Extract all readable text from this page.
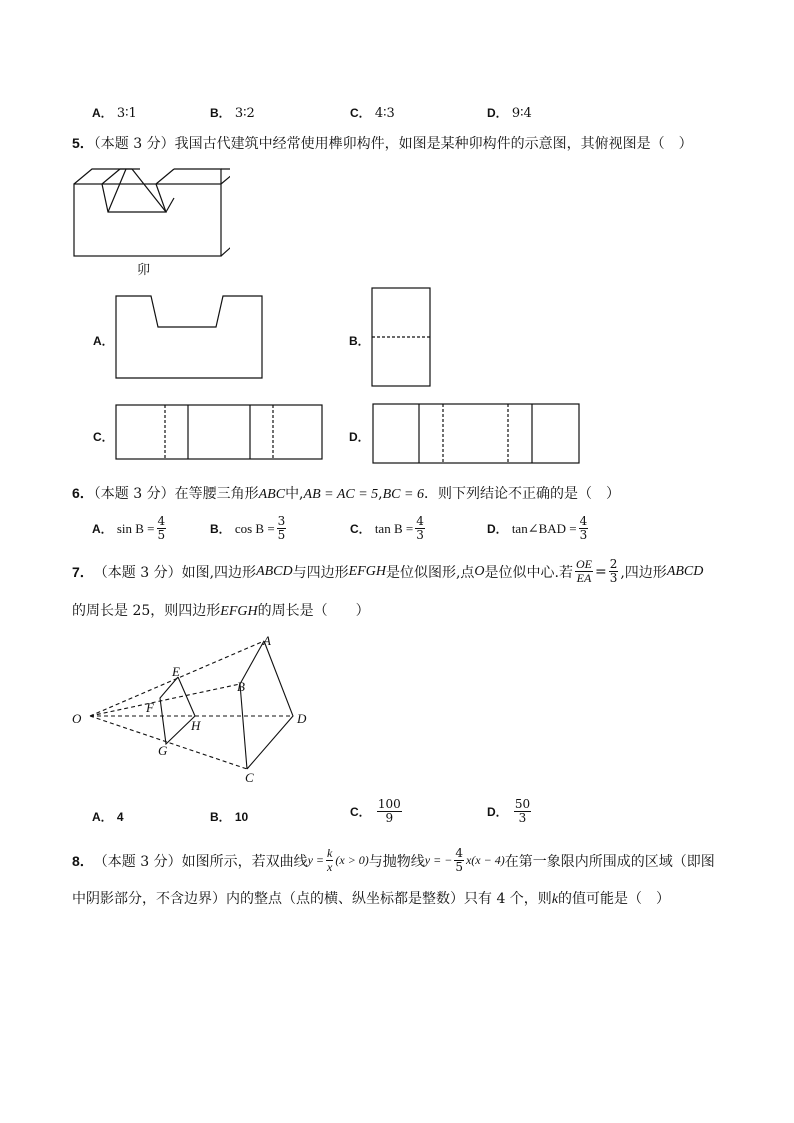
A． 3∶1	B． 3∶2	C． 4∶3	D． 9∶4
5．（本题 3 分）我国古代建筑中经常使用榫卯构件，如图是某种卯构件的示意图，其俯视图是（　）
卯
A．	B．
C．	D．
6．（本题 3 分）在等腰三角形ABC中,AB = AC = 5,BC = 6．则下列结论不正确的是（　）
A．
$\sin B = \frac{4}{5}$	B．
$\cos B = \frac{3}{5}$	C．
$\tan B = \frac{4}{3}$	D．
tan∠BAD = $\frac{4}{3}$
7． （本题 3 分） 如图,四边形 ABCD 与四边形 EFGH 是位似图形,点 O 是位似中心.若 $\frac{OE}{EA} = \frac{2}{3}$ ,四边形 ABCD
的周长是 25，则四边形EFGH的周长是（　　）
O
A
B
D
C
E
F
H
G
A． 4	B． 10	C．
$\frac{100}{9}$	D．
$\frac{50}{3}$
8． （本题 3 分） 如图所示，若双曲线 $y = \frac{k}{x} (x > 0)$ 与抛物线 y = − $\frac{4}{5} x(x - 4)$ 在第一象限内所围成的区域（即图
中阴影部分，不含边界）内的整点（点的横、纵坐标都是整数）只有 4 个，则k的值可能是（　）
